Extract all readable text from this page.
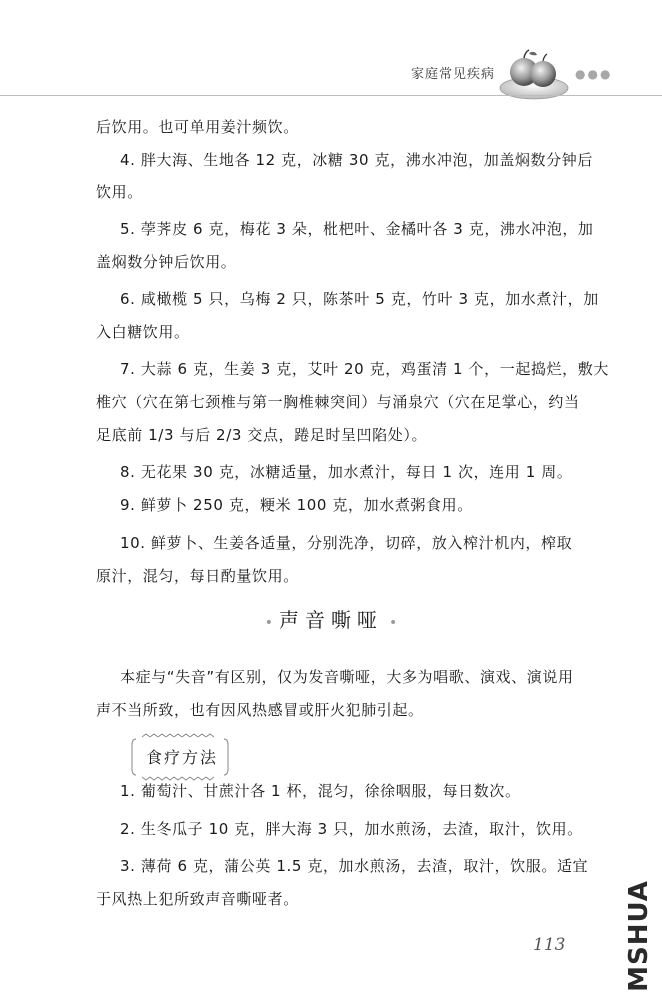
家庭常见疾病	●●●
后饮用。也可单用姜汁频饮。
4. 胖大海、生地各 12 克，冰糖 30 克，沸水冲泡，加盖焖数分钟后
饮用。
5. 荸荠皮 6 克，梅花 3 朵，枇杷叶、金橘叶各 3 克，沸水冲泡，加
盖焖数分钟后饮用。
6. 咸橄榄 5 只，乌梅 2 只，陈茶叶 5 克，竹叶 3 克，加水煮汁，加
入白糖饮用。
7. 大蒜 6 克，生姜 3 克，艾叶 20 克，鸡蛋清 1 个，一起捣烂，敷大
椎穴（穴在第七颈椎与第一胸椎棘突间）与涌泉穴（穴在足掌心，约当
足底前 1/3 与后 2/3 交点，踡足时呈凹陷处）。
8. 无花果 30 克，冰糖适量，加水煮汁，每日 1 次，连用 1 周。
9. 鲜萝卜 250 克，粳米 100 克，加水煮粥食用。
10. 鲜萝卜、生姜各适量，分别洗净，切碎，放入榨汁机内，榨取
原汁，混匀，每日酌量饮用。
• 声音嘶哑 •
本症与“失音”有区别，仅为发音嘶哑，大多为唱歌、演戏、演说用
声不当所致，也有因风热感冒或肝火犯肺引起。
食疗方法
1. 葡萄汁、甘蔗汁各 1 杯，混匀，徐徐咽服，每日数次。
2. 生冬瓜子 10 克，胖大海 3 只，加水煎汤，去渣，取汁，饮用。
3. 薄荷 6 克，蒲公英 1.5 克，加水煎汤，去渣，取汁，饮服。适宜
于风热上犯所致声音嘶哑者。
113 MSHUA
